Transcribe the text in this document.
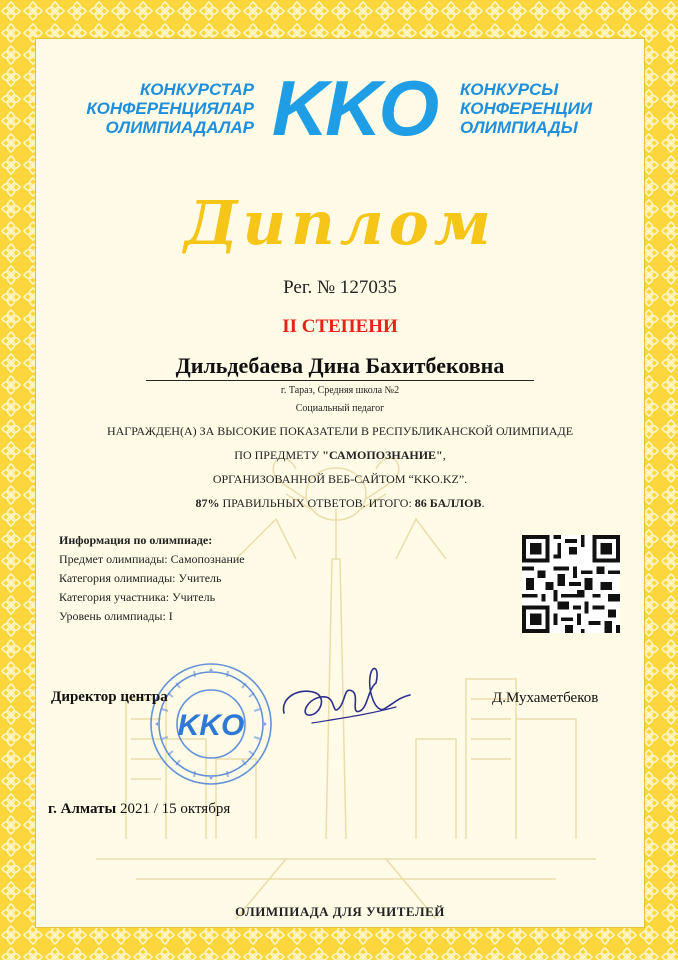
КОНКУРСТАР
КОНФЕРЕНЦИЯЛАР
ОЛИМПИАДАЛАР KKO	КОНКУРСЫ
КОНФЕРЕНЦИИ
ОЛИМПИАДЫ
Диплом
Рег. № 127035
II СТЕПЕНИ
Дильдебаева Дина Бахитбековна
г. Тараз, Средняя школа №2
Социальный педагог
НАГРАЖДЕН(А) ЗА ВЫСОКИЕ ПОКАЗАТЕЛИ В РЕСПУБЛИКАНСКОЙ ОЛИМПИАДЕ
ПО ПРЕДМЕТУ "САМОПОЗНАНИЕ",
ОРГАНИЗОВАННОЙ ВЕБ-САЙТОМ “KKO.KZ”.
87% ПРАВИЛЬНЫХ ОТВЕТОВ. ИТОГО: 86 БАЛЛОВ.
Информация по олимпиаде:
Предмет олимпиады: Самопознание
Категория олимпиады: Учитель
Категория участника: Учитель
Уровень олимпиады: I
KKO
Директор центра	Д.Мухаметбеков
г. Алматы 2021 / 15 октября
ОЛИМПИАДА ДЛЯ УЧИТЕЛЕЙ
